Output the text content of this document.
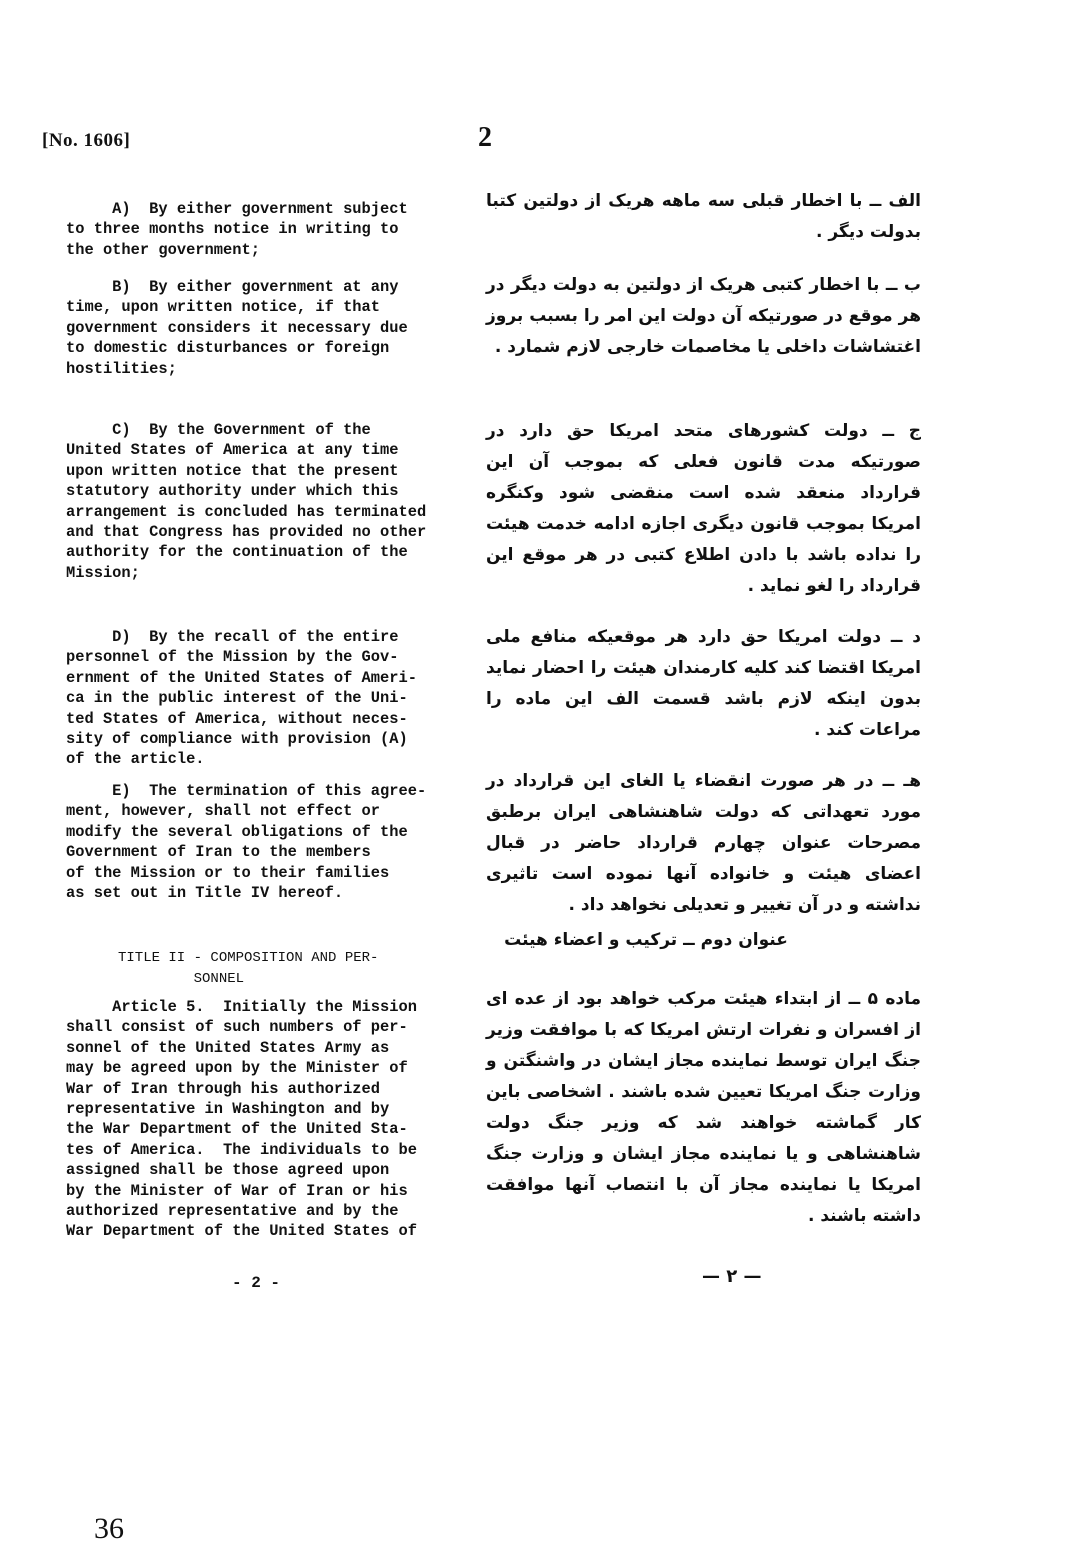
[No. 1606]	2
A)  By either government subject
to three months notice in writing to
the other government;
B)  By either government at any
time, upon written notice, if that
government considers it necessary due
to domestic disturbances or foreign
hostilities;
C)  By the Government of the
United States of America at any time
upon written notice that the present
statutory authority under which this
arrangement is concluded has terminated
and that Congress has provided no other
authority for the continuation of the
Mission;
D)  By the recall of the entire
personnel of the Mission by the Gov-
ernment of the United States of Ameri-
ca in the public interest of the Uni-
ted States of America, without neces-
sity of compliance with provision (A)
of the article.
E)  The termination of this agree-
ment, however, shall not effect or
modify the several obligations of the
Government of Iran to the members
of the Mission or to their families
as set out in Title IV hereof.
TITLE II - COMPOSITION AND PER-
SONNEL
Article 5.  Initially the Mission
shall consist of such numbers of per-
sonnel of the United States Army as
may be agreed upon by the Minister of
War of Iran through his authorized
representative in Washington and by
the War Department of the United Sta-
tes of America.  The individuals to be
assigned shall be those agreed upon
by the Minister of War of Iran or his
authorized representative and by the
War Department of the United States of

الف ــ با اخطار قبلی سه ماهه هریک از دولتین کتبا بدولت دیگر .

ب ــ با اخطار کتبی هریک از دولتین به دولت دیگر در هر موقع در صورتیکه آن دولت این امر را بسبب بروز اغتشاشات داخلی یا مخاصمات خارجی لازم شمارد .

ج ــ دولت کشورهای متحد امریکا حق دارد در صورتیکه مدت قانون فعلی که بموجب آن این قرارداد منعقد شده است منقضی شود وکنگره امریکا بموجب قانون دیگری اجازه ادامه خدمت هیئت را نداده باشد با دادن اطلاع کتبی در هر موقع این قرارداد را لغو نماید .

د ــ دولت امریکا حق دارد هر موقعیکه منافع ملی امریکا اقتضا کند کلیه کارمندان هیئت را احضار نماید بدون اینکه لازم باشد قسمت الف این ماده را مراعات کند .

هـ ــ در هر صورت انقضاء یا الغای این قرارداد در مورد تعهداتی که دولت شاهنشاهی ایران برطبق مصرحات عنوان چهارم قرارداد حاضر در قبال اعضای هیئت و خانواده آنها نموده است تاثیری نداشته و در آن تغییر و تعدیلی نخواهد داد .

عنوان دوم ــ ترکیب و اعضاء هیئت

ماده ۵ ــ از ابتداء هیئت مرکب خواهد بود از عده ای از افسران و نفرات ارتش امریکا که با موافقت وزیر جنگ ایران توسط نماینده مجاز ایشان در واشنگتن و وزارت جنگ امریکا تعیین شده باشند . اشخاصی باین کار گماشته خواهند شد که وزیر جنگ دولت شاهنشاهی و یا نماینده مجاز ایشان و وزارت جنگ امریکا یا نماینده مجاز آن با انتصاب آنها موافقت داشته باشند .

- 2 -	— ۲ —
36
